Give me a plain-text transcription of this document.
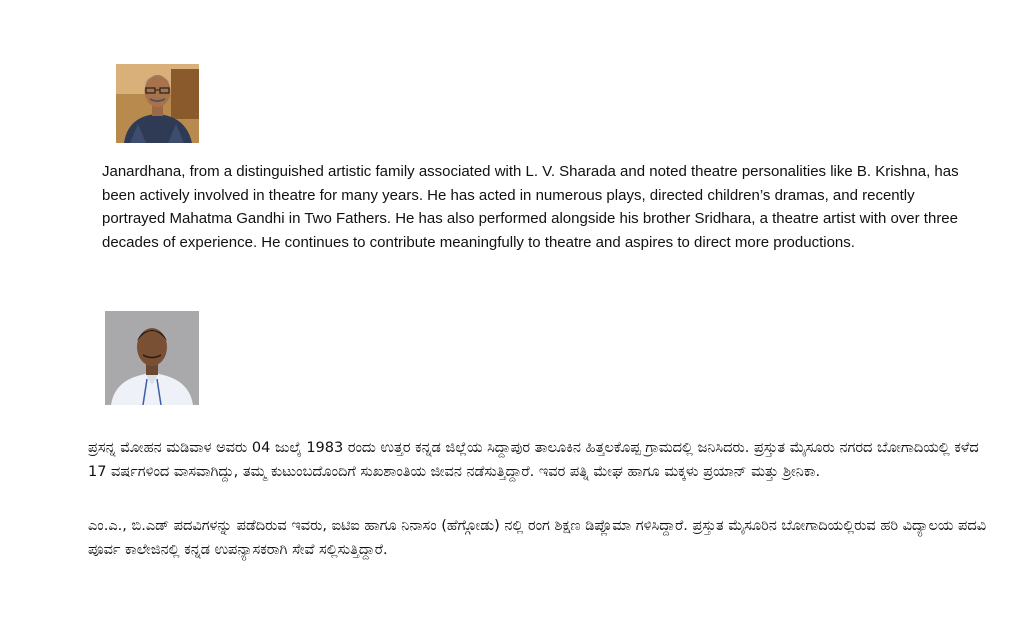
Janardhana, from a distinguished artistic family associated with L. V. Sharada and noted theatre personalities like B. Krishna, has been actively involved in theatre for many years. He has acted in numerous plays, directed children’s dramas, and recently portrayed Mahatma Gandhi in Two Fathers. He has also performed alongside his brother Sridhara, a theatre artist with over three decades of experience. He continues to contribute meaningfully to theatre and aspires to direct more productions.

ಪ್ರಸನ್ನ ಮೋಹನ ಮಡಿವಾಳ ಅವರು 04 ಜುಲೈ 1983 ರಂದು ಉತ್ತರ ಕನ್ನಡ ಜಿಲ್ಲೆಯ ಸಿದ್ದಾಪುರ ತಾಲೂಕಿನ ಹಿತ್ತಲಕೊಪ್ಪ ಗ್ರಾಮದಲ್ಲಿ ಜನಿಸಿದರು. ಪ್ರಸ್ತುತ ಮೈಸೂರು ನಗರದ ಬೋಗಾದಿಯಲ್ಲಿ ಕಳೆದ 17 ವರ್ಷಗಳಿಂದ ವಾಸವಾಗಿದ್ದು, ತಮ್ಮ ಕುಟುಂಬದೊಂದಿಗೆ ಸುಖಶಾಂತಿಯ ಜೀವನ ನಡೆಸುತ್ತಿದ್ದಾರೆ. ಇವರ ಪತ್ನಿ ಮೇಘ ಹಾಗೂ ಮಕ್ಕಳು ಪ್ರಯಾನ್ ಮತ್ತು ಶ್ರೀನಿಕಾ.

ಎಂ.ಎ., ಬಿ.ಎಡ್ ಪದವಿಗಳನ್ನು ಪಡೆದಿರುವ ಇವರು, ಐಟಿಐ ಹಾಗೂ ನಿನಾಸಂ (ಹೆಗ್ಗೋಡು) ನಲ್ಲಿ ರಂಗ ಶಿಕ್ಷಣ ಡಿಪ್ಲೊಮಾ ಗಳಿಸಿದ್ದಾರೆ. ಪ್ರಸ್ತುತ ಮೈಸೂರಿನ ಬೋಗಾದಿಯಲ್ಲಿರುವ ಹರಿ ವಿದ್ಯಾಲಯ ಪದವಿ ಪೂರ್ವ ಕಾಲೇಜಿನಲ್ಲಿ ಕನ್ನಡ ಉಪನ್ಯಾಸಕರಾಗಿ ಸೇವೆ ಸಲ್ಲಿಸುತ್ತಿದ್ದಾರೆ.
